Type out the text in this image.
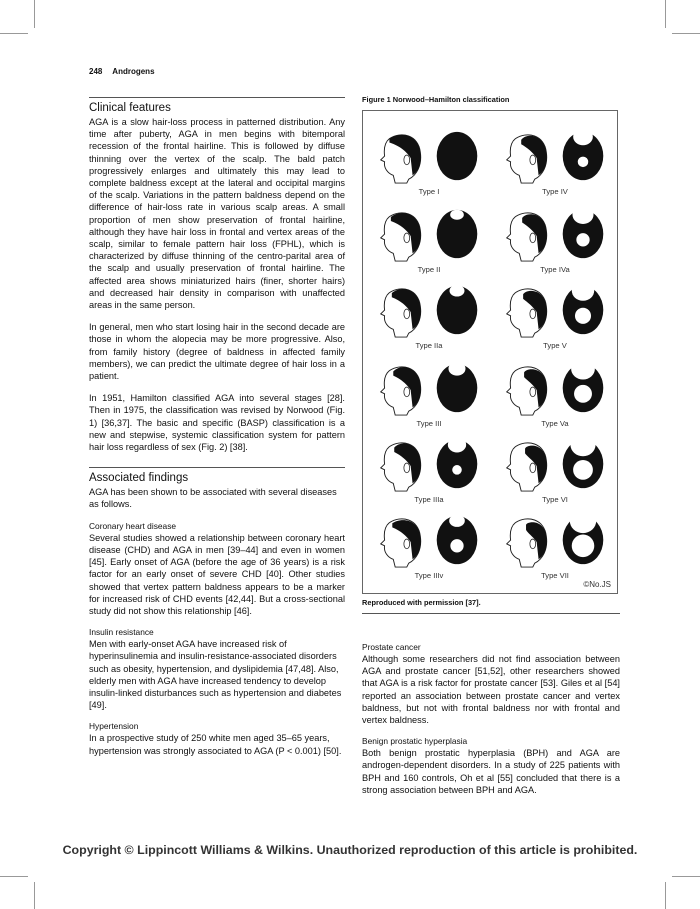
248 Androgens
Clinical features

AGA is a slow hair-loss process in patterned distribution. Any time after puberty, AGA in men begins with bitemporal recession of the frontal hairline. This is followed by diffuse thinning over the vertex of the scalp. The bald patch progressively enlarges and ultimately this may lead to complete baldness except at the lateral and occipital margins of the scalp. Variations in the pattern baldness depend on the difference of hair-loss rate in various scalp areas. A small proportion of men show preservation of frontal hairline, although they have hair loss in frontal and vertex areas of the scalp, similar to female pattern hair loss (FPHL), which is characterized by diffuse thinning of the centro-parital area of the scalp and usually preservation of frontal hairline. The affected area shows miniaturized hairs (finer, shorter hairs) and decreased hair density in comparison with unaffected areas in the same person.

In general, men who start losing hair in the second decade are those in whom the alopecia may be more progressive. Also, from family history (degree of baldness in affected family members), we can predict the ultimate degree of hair loss in a patient.

In 1951, Hamilton classified AGA into several stages [28]. Then in 1975, the classification was revised by Norwood (Fig. 1) [36,37]. The basic and specific (BASP) classification is a new and stepwise, systemic classification system for pattern hair loss regardless of sex (Fig. 2) [38].

Associated findings

AGA has been shown to be associated with several diseases as follows.

Coronary heart disease

Several studies showed a relationship between coronary heart disease (CHD) and AGA in men [39–44] and even in women [45]. Early onset of AGA (before the age of 36 years) is a risk factor for an early onset of severe CHD [40]. Other studies showed that vertex pattern baldness appears to be a marker for increased risk of CHD events [42,44]. But a cross-sectional study did not show this relationship [46].

Insulin resistance

Men with early-onset AGA have increased risk of hyperinsulinemia and insulin-resistance-associated disorders such as obesity, hypertension, and dyslipidemia [47,48]. Also, elderly men with AGA have increased tendency to develop insulin-linked disturbances such as hypertension and diabetes [49].

Hypertension

In a prospective study of 250 white men aged 35–65 years, hypertension was strongly associated to AGA (P < 0.001) [50].

Figure 1 Norwood–Hamilton classification
©No.JS
Type I	Type IV
Type II	Type IVa
Type IIa	Type V
Type III	Type Va
Type IIIa	Type VI
Type IIIv	Type VII
Reproduced with permission [37].
Prostate cancer

Although some researchers did not find association between AGA and prostate cancer [51,52], other researchers showed that AGA is a risk factor for prostate cancer [53]. Giles et al [54] reported an association between prostate cancer and vertex baldness, but not with frontal baldness nor with frontal and vertex baldness.

Benign prostatic hyperplasia

Both benign prostatic hyperplasia (BPH) and AGA are androgen-dependent disorders. In a study of 225 patients with BPH and 160 controls, Oh et al [55] concluded that there is a strong association between BPH and AGA.

Copyright © Lippincott Williams & Wilkins. Unauthorized reproduction of this article is prohibited.
